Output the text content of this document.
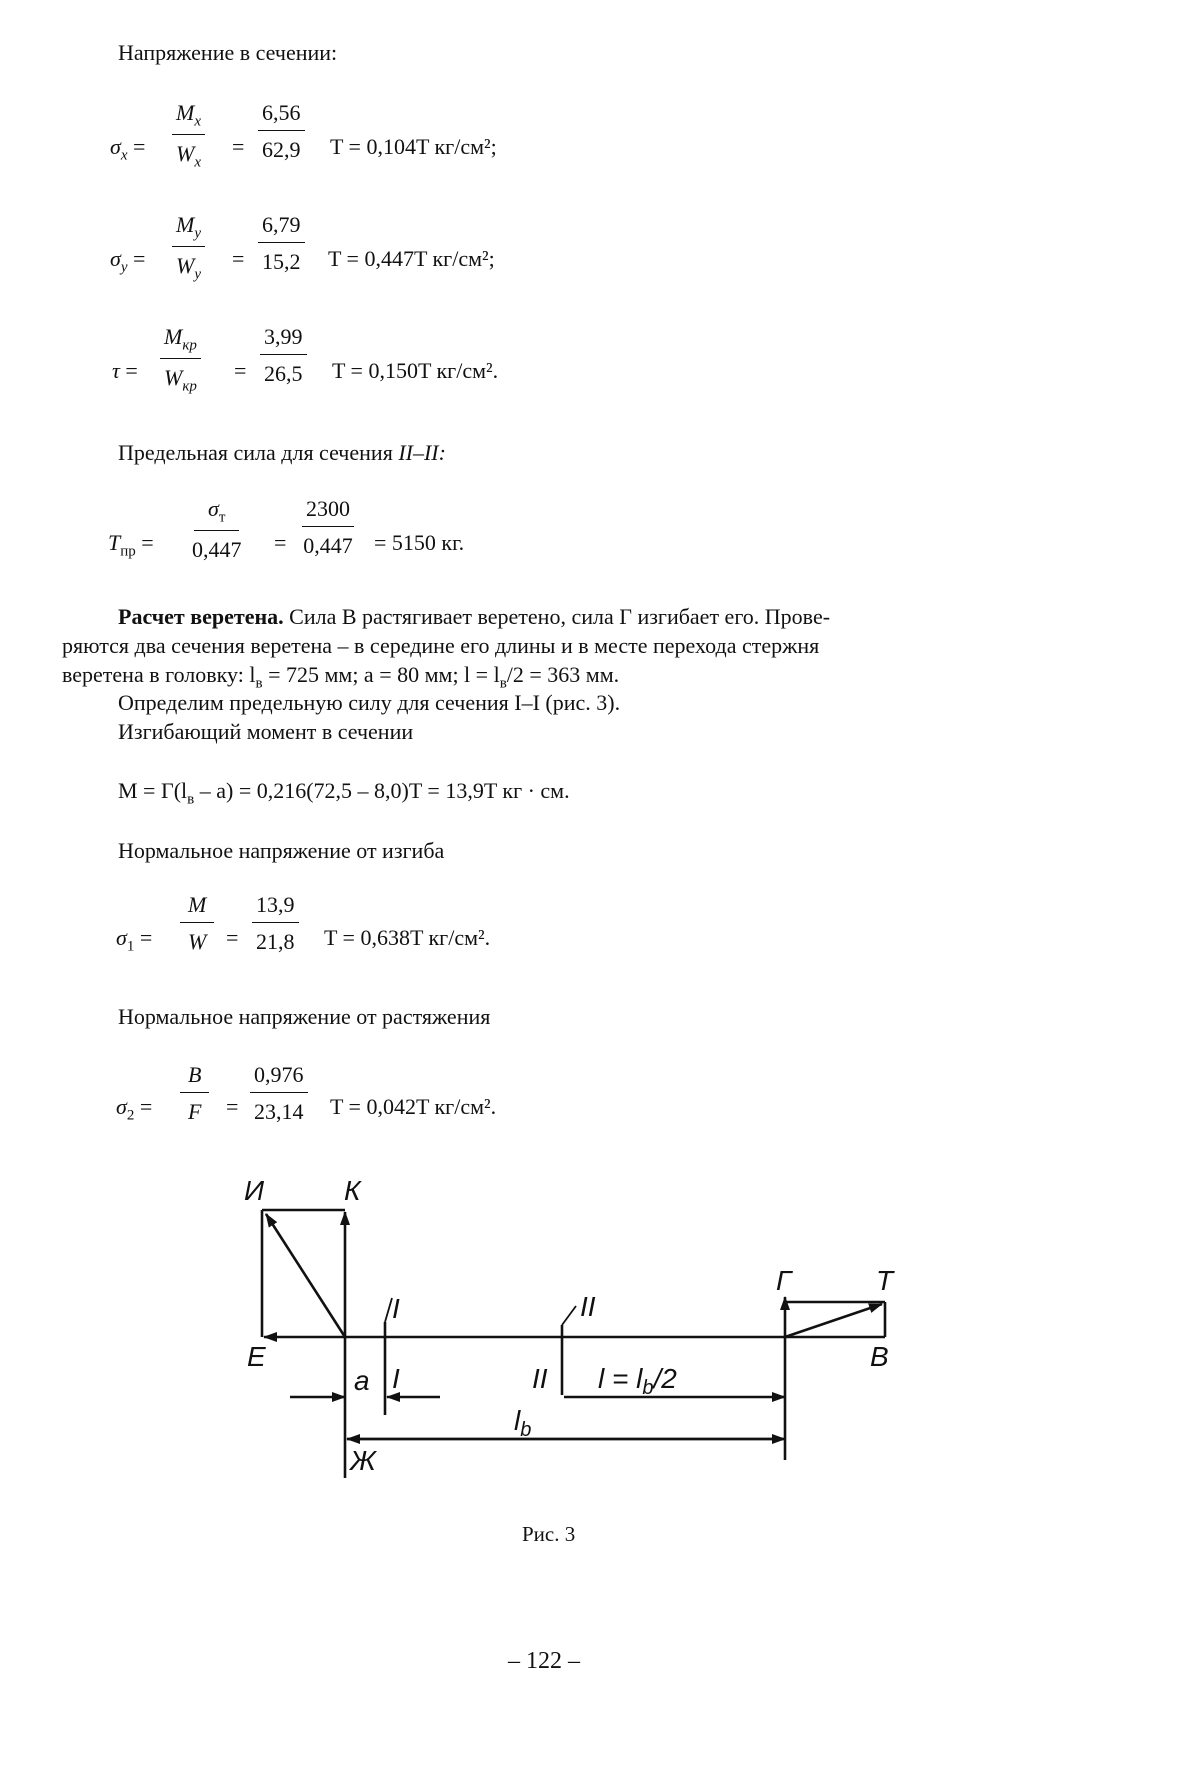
Напряжение в сечении:
$\sigma_x = \frac{M_x}{W_x} = \frac{6,56}{62,9}$ T = 0,104T кг/см²;
$\sigma_y = \frac{M_y}{W_y} = \frac{6,79}{15,2}$ T = 0,447T кг/см²;
τ =
$M_{кр}$
$W_{кр}$
= $\frac{3,99}{26,5}$ T = 0,150T кг/см².
Предельная сила для сечения II–II:
$T_{пр}$ =
$\sigma_т$
$0,447 = \frac{2300}{0,447} = 5150$ кг.
Расчет веретена. Сила В растягивает веретено, сила Г изгибает его. Прове-
ряются два сечения веретена – в середине его длины и в месте перехода стержня
веретена в головку: $l_в = 725$ мм; a = 80 мм; $l = l_в/2 = 363$ мм.
Определим предельную силу для сечения I–I (рис. 3).
Изгибающий момент в сечении
$M = Г(l_в - a) = 0,216(72,5 - 8,0)T = 13,9T$ кг · см.
Нормальное напряжение от изгиба
$\sigma_1 = \frac{M}{W} = \frac{13,9}{21,8}$ T = 0,638T кг/см².
Нормальное напряжение от растяжения
$\sigma_2 = \frac{B}{F} = \frac{0,976}{23,14}$ T = 0,042T кг/см².
И	К
Е
I
I
II
II
Г	Т
В
a
Ж
$l = l_b/2$
$l_b$
Рис. 3
– 122 –
